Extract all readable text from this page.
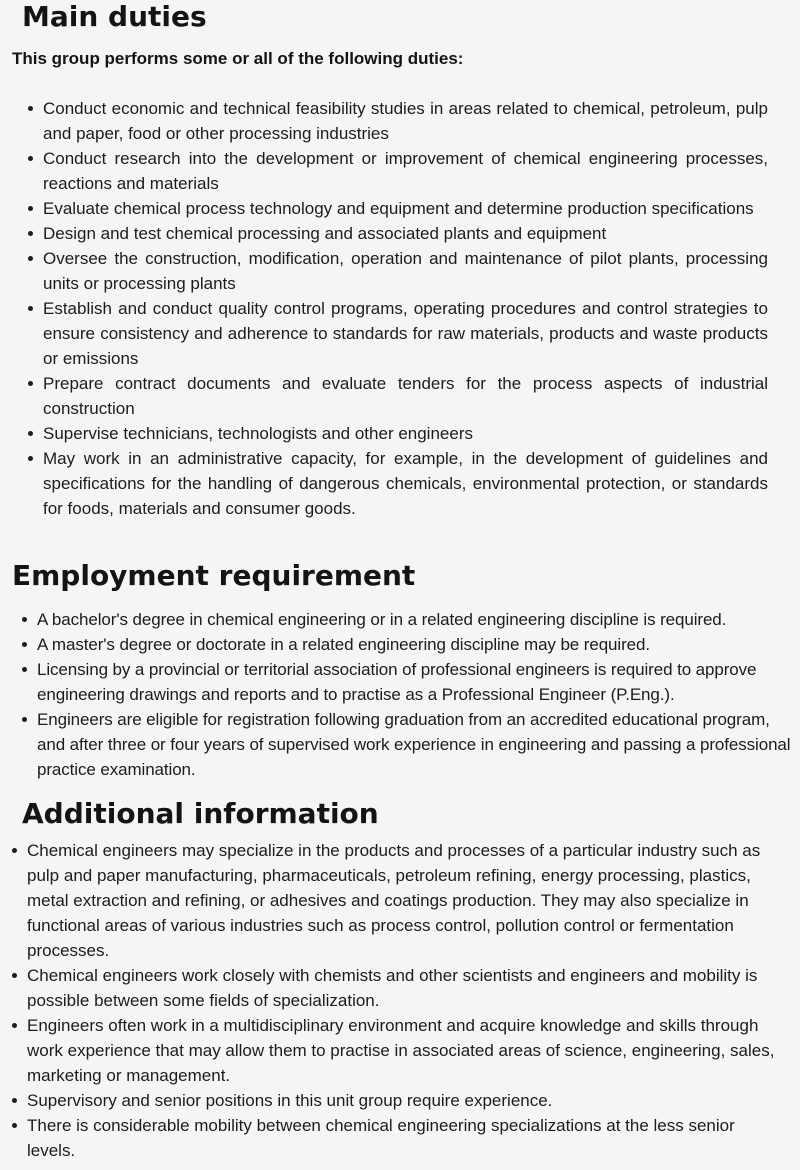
Main duties

This group performs some or all of the following duties:

Conduct economic and technical feasibility studies in areas related to chemical, petroleum, pulp and paper, food or other processing industries
Conduct research into the development or improvement of chemical engineering processes, reactions and materials
Evaluate chemical process technology and equipment and determine production specifications
Design and test chemical processing and associated plants and equipment
Oversee the construction, modification, operation and maintenance of pilot plants, processing units or processing plants
Establish and conduct quality control programs, operating procedures and control strategies to ensure consistency and adherence to standards for raw materials, products and waste products or emissions
Prepare contract documents and evaluate tenders for the process aspects of industrial construction
Supervise technicians, technologists and other engineers
May work in an administrative capacity, for example, in the development of guidelines and specifications for the handling of dangerous chemicals, environmental protection, or standards for foods, materials and consumer goods.
Employment requirement
A bachelor's degree in chemical engineering or in a related engineering discipline is required.
A master's degree or doctorate in a related engineering discipline may be required.
Licensing by a provincial or territorial association of professional engineers is required to approve engineering drawings and reports and to practise as a Professional Engineer (P.Eng.).
Engineers are eligible for registration following graduation from an accredited educational program, and after three or four years of supervised work experience in engineering and passing a professional practice examination.
Additional information
Chemical engineers may specialize in the products and processes of a particular industry such as pulp and paper manufacturing, pharmaceuticals, petroleum refining, energy processing, plastics, metal extraction and refining, or adhesives and coatings production. They may also specialize in functional areas of various industries such as process control, pollution control or fermentation processes.
Chemical engineers work closely with chemists and other scientists and engineers and mobility is possible between some fields of specialization.
Engineers often work in a multidisciplinary environment and acquire knowledge and skills through work experience that may allow them to practise in associated areas of science, engineering, sales, marketing or management.
Supervisory and senior positions in this unit group require experience.
There is considerable mobility between chemical engineering specializations at the less senior levels.
